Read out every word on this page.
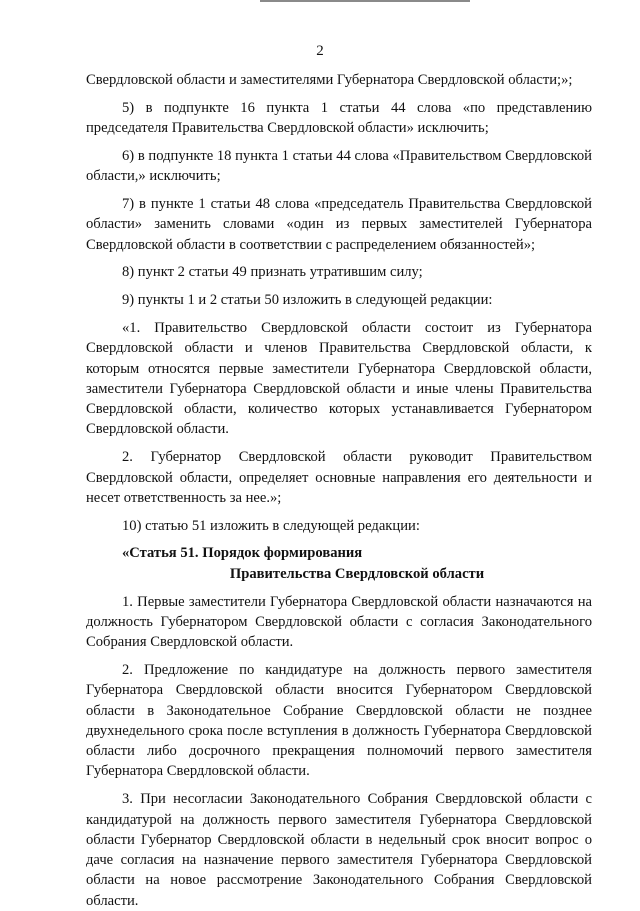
2

Свердловской области и заместителями Губернатора Свердловской области;»;

5) в подпункте 16 пункта 1 статьи 44 слова «по представлению председателя Правительства Свердловской области» исключить;

6) в подпункте 18 пункта 1 статьи 44 слова «Правительством Свердловской области,» исключить;

7) в пункте 1 статьи 48 слова «председатель Правительства Свердловской области» заменить словами «один из первых заместителей Губернатора Свердловской области в соответствии с распределением обязанностей»;

8) пункт 2 статьи 49 признать утратившим силу;

9) пункты 1 и 2 статьи 50 изложить в следующей редакции:

«1. Правительство Свердловской области состоит из Губернатора Свердловской области и членов Правительства Свердловской области, к которым относятся первые заместители Губернатора Свердловской области, заместители Губернатора Свердловской области и иные члены Правительства Свердловской области, количество которых устанавливается Губернатором Свердловской области.

2. Губернатор Свердловской области руководит Правительством Свердловской области, определяет основные направления его деятельности и несет ответственность за нее.»;

10) статью 51 изложить в следующей редакции:

«Статья 51. Порядок формирования

Правительства Свердловской области

1. Первые заместители Губернатора Свердловской области назначаются на должность Губернатором Свердловской области с согласия Законодательного Собрания Свердловской области.

2. Предложение по кандидатуре на должность первого заместителя Губернатора Свердловской области вносится Губернатором Свердловской области в Законодательное Собрание Свердловской области не позднее двухнедельного срока после вступления в должность Губернатора Свердловской области либо досрочного прекращения полномочий первого заместителя Губернатора Свердловской области.

3. При несогласии Законодательного Собрания Свердловской области с кандидатурой на должность первого заместителя Губернатора Свердловской области Губернатор Свердловской области в недельный срок вносит вопрос о даче согласия на назначение первого заместителя Губернатора Свердловской области на новое рассмотрение Законодательного Собрания Свердловской области.
